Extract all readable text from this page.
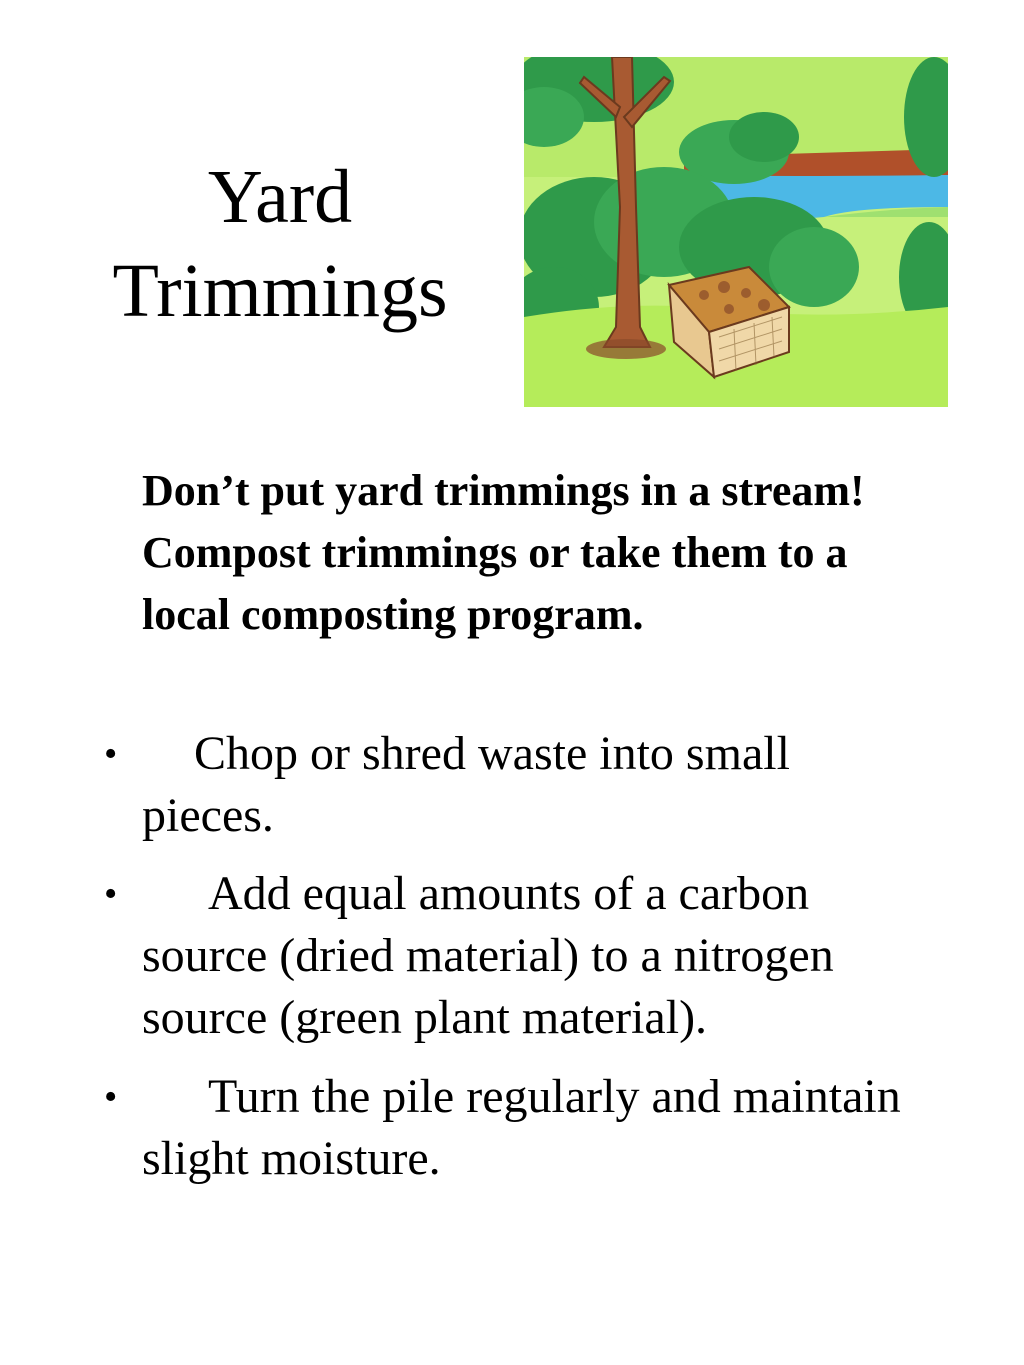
Yard
Trimmings

Don’t put yard trimmings in a stream! Compost trimmings or take them to a local composting program.

• Chop or shred waste into small pieces.
• Add equal amounts of a carbon source (dried material) to a nitrogen source (green plant material).
• Turn the pile regularly and maintain slight moisture.
